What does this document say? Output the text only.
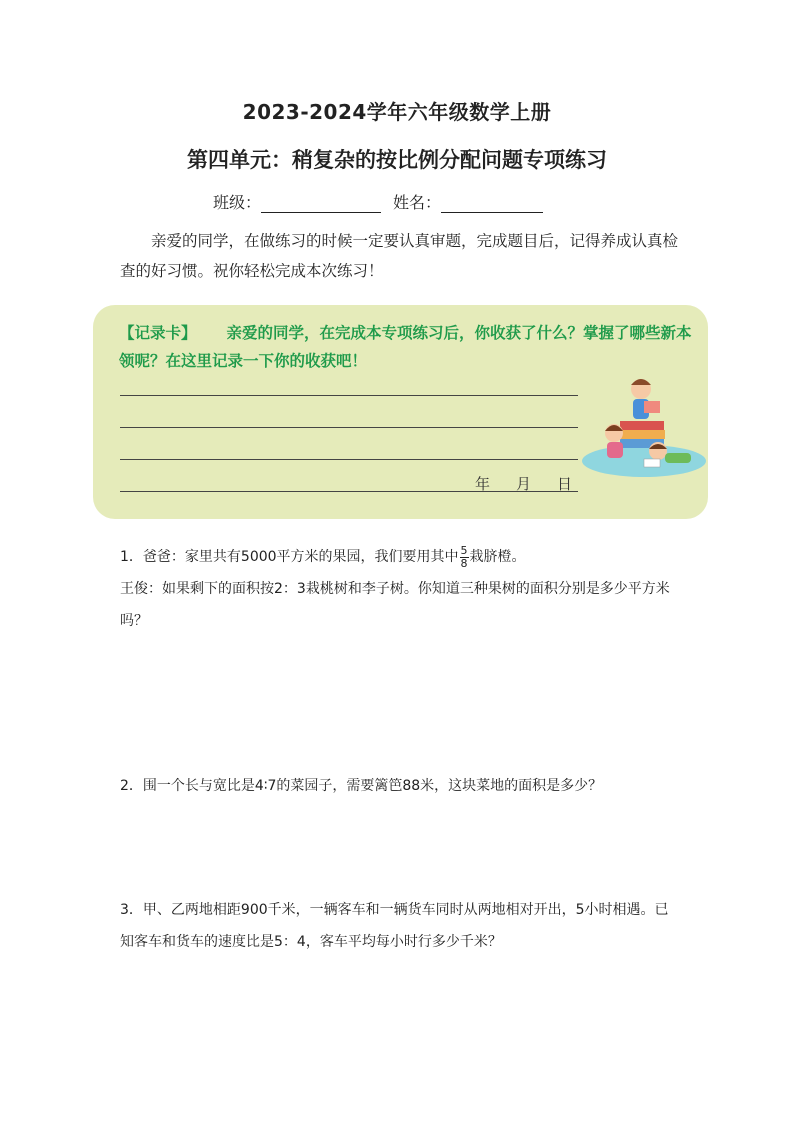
2023-2024学年六年级数学上册
第四单元：稍复杂的按比例分配问题专项练习
班级：	姓名：
亲爱的同学，在做练习的时候一定要认真审题，完成题目后，记得养成认真检查的好习惯。祝你轻松完成本次练习！
【记录卡】 亲爱的同学，在完成本专项练习后，你收获了什么？掌握了哪些新本领呢？在这里记录一下你的收获吧！
年 月 日
1．爸爸：家里共有5000平方米的果园，我们要用其中 $\frac{5}{8}$ 栽脐橙。
王俊：如果剩下的面积按2：3栽桃树和李子树。你知道三种果树的面积分别是多少平方米吗？
2．围一个长与宽比是4∶7的菜园子，需要篱笆88米，这块菜地的面积是多少？
3．甲、乙两地相距900千米，一辆客车和一辆货车同时从两地相对开出，5小时相遇。已知客车和货车的速度比是5：4，客车平均每小时行多少千米？
